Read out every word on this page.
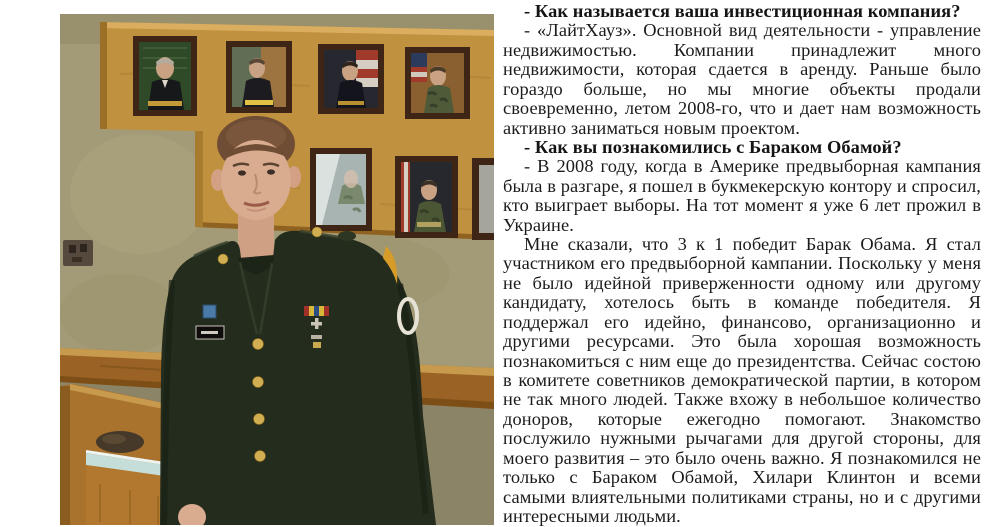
- Как называется ваша инвестиционная компания?

- «ЛайтХауз». Основной вид деятельности - управление недвижимостью. Компании принадлежит много недвижимости, которая сдается в аренду. Раньше было гораздо больше, но мы многие объекты продали своевременно, летом 2008-го, что и дает нам возможность активно заниматься новым проектом.

- Как вы познакомились с Бараком Обамой?

- В 2008 году, когда в Америке предвыборная кампания была в разгаре, я пошел в букмекерскую контору и спросил, кто выиграет выборы. На тот момент я уже 6 лет прожил в Украине.

Мне сказали, что 3 к 1 победит Барак Обама. Я стал участником его предвыборной кампании. Поскольку у меня не было идейной приверженности одному или другому кандидату, хотелось быть в команде победителя. Я поддержал его идейно, финансово, организационно и другими ресурсами. Это была хорошая возможность познакомиться с ним еще до президентства. Сейчас состою в комитете советников демократической партии, в котором не так много людей. Также вхожу в небольшое количество доноров, которые ежегодно помогают. Знакомство послужило нужными рычагами для другой стороны, для моего развития – это было очень важно. Я познакомился не только с Бараком Обамой, Хилари Клинтон и всеми самыми влиятельными политиками страны, но и с другими интересными людьми.
